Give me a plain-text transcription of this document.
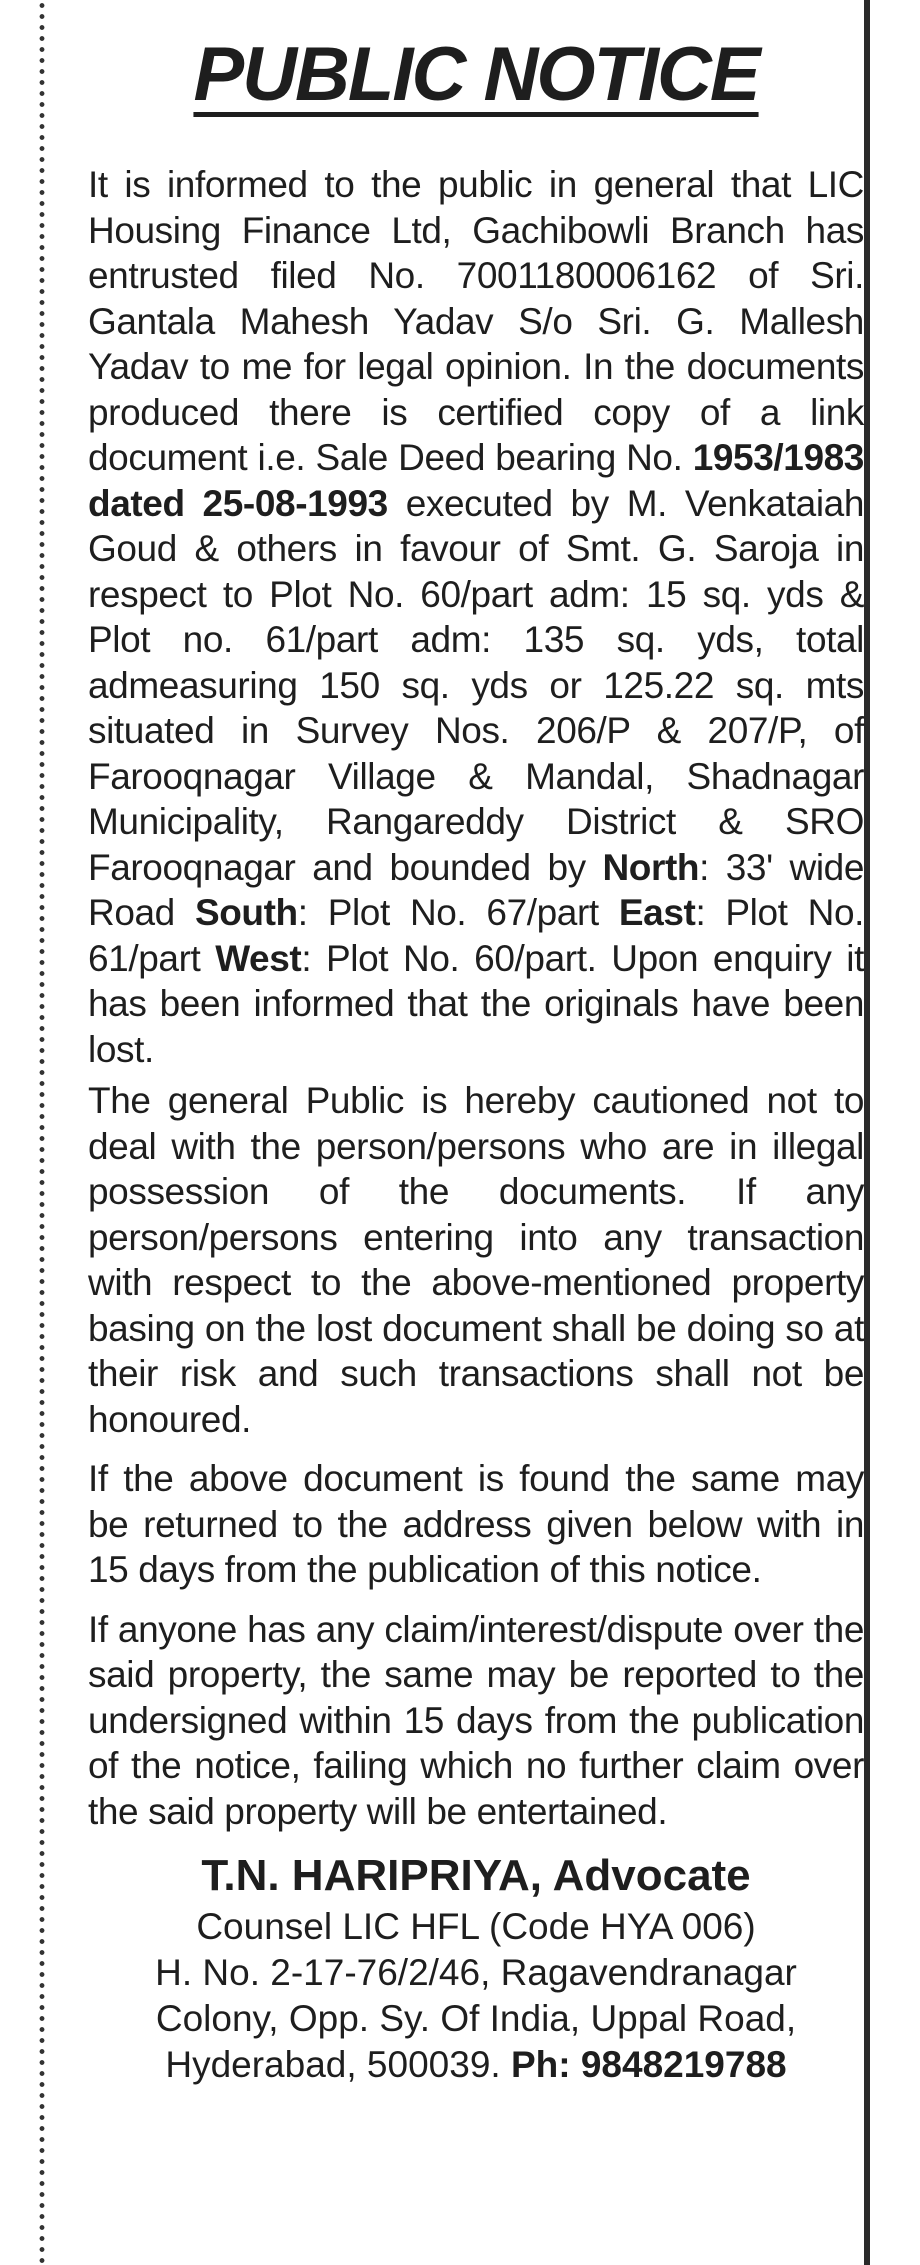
PUBLIC NOTICE

It is informed to the public in general that LIC Housing Finance Ltd, Gachibowli Branch has entrusted filed No. 7001180006162 of Sri. Gantala Mahesh Yadav S/o Sri. G. Mallesh Yadav to me for legal opinion. In the documents produced there is certified copy of a link document i.e. Sale Deed bearing No. 1953/1983 dated 25-08-1993 executed by M. Venkataiah Goud & others in favour of Smt. G. Saroja in respect to Plot No. 60/part adm: 15 sq. yds & Plot no. 61/part adm: 135 sq. yds, total admeasuring 150 sq. yds or 125.22 sq. mts situated in Survey Nos. 206/P & 207/P, of Farooqnagar Village & Mandal, Shadnagar Municipality, Rangareddy District & SRO Farooqnagar and bounded by North: 33' wide Road South: Plot No. 67/part East: Plot No. 61/part West: Plot No. 60/part. Upon enquiry it has been informed that the originals have been lost.

The general Public is hereby cautioned not to deal with the person/persons who are in illegal possession of the documents. If any person/persons entering into any transaction with respect to the above-mentioned property basing on the lost document shall be doing so at their risk and such transactions shall not be honoured.

If the above document is found the same may be returned to the address given below with in 15 days from the publication of this notice.

If anyone has any claim/interest/dispute over the said property, the same may be reported to the undersigned within 15 days from the publication of the notice, failing which no further claim over the said property will be entertained.

T.N. HARIPRIYA, Advocate
Counsel LIC HFL (Code HYA 006)
H. No. 2-17-76/2/46, Ragavendranagar
Colony, Opp. Sy. Of India, Uppal Road,
Hyderabad, 500039. Ph: 9848219788
